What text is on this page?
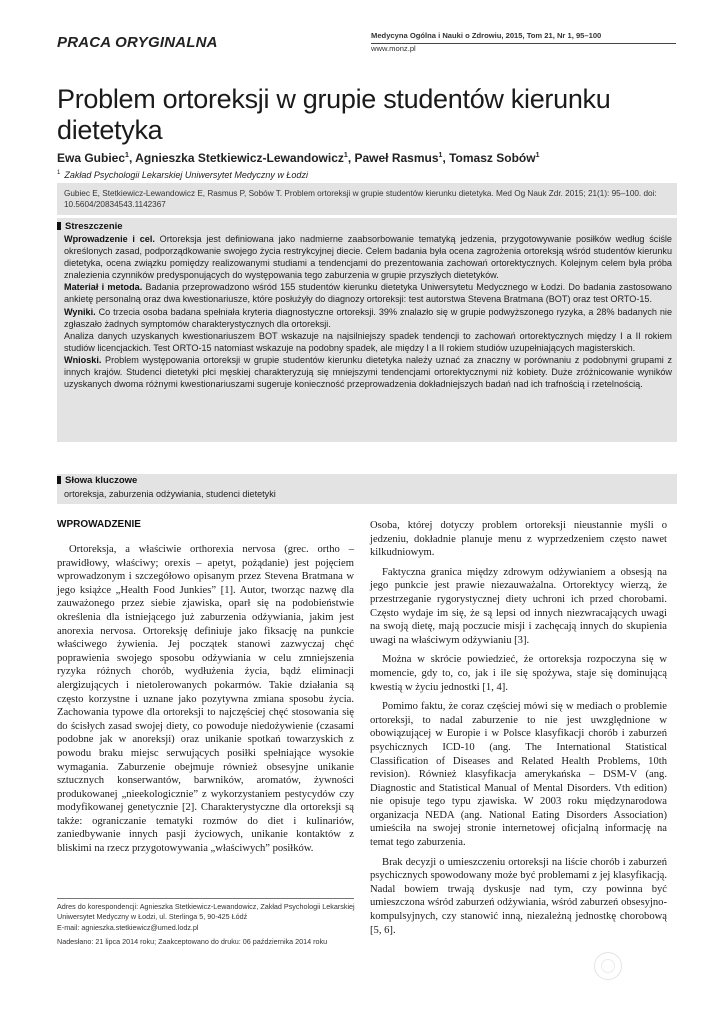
PRACA ORYGINALNA	Medycyna Ogólna i Nauki o Zdrowiu, 2015, Tom 21, Nr 1, 95–100
www.monz.pl
Problem ortoreksji w grupie studentów kierunku dietetyka
Ewa Gubiec$^1$, Agnieszka Stetkiewicz-Lewandowicz$^1$, Paweł Rasmus$^1$, Tomasz Sobów$^1$
$^1$ Zakład Psychologii Lekarskiej Uniwersytet Medyczny w Łodzi
Gubiec E, Stetkiewicz-Lewandowicz E, Rasmus P, Sobów T. Problem ortoreksji w grupie studentów kierunku dietetyka. Med Og Nauk Zdr. 2015; 21(1): 95–100. doi: 10.5604/20834543.1142367
Streszczenie

Wprowadzenie i cel. Ortoreksja jest definiowana jako nadmierne zaabsorbowanie tematyką jedzenia, przygotowywanie posiłków według ściśle określonych zasad, podporządkowanie swojego życia restrykcyjnej diecie. Celem badania była ocena zagrożenia ortoreksją wśród studentów kierunku dietetyka, ocena związku pomiędzy realizowanymi studiami a tendencjami do prezentowania zachowań ortorektycznych. Kolejnym celem była próba znalezienia czynników predysponujących do występowania tego zaburzenia w grupie przyszłych dietetyków.

Materiał i metoda. Badania przeprowadzono wśród 155 studentów kierunku dietetyka Uniwersytetu Medycznego w Łodzi. Do badania zastosowano ankietę personalną oraz dwa kwestionariusze, które posłużyły do diagnozy ortoreksji: test autorstwa Stevena Bratmana (BOT) oraz test ORTO-15.

Wyniki. Co trzecia osoba badana spełniała kryteria diagnostyczne ortoreksji. 39% znalazło się w grupie podwyższonego ryzyka, a 28% badanych nie zgłaszało żadnych symptomów charakterystycznych dla ortoreksji.

Analiza danych uzyskanych kwestionariuszem BOT wskazuje na najsilniejszy spadek tendencji to zachowań ortorektycznych między I a II rokiem studiów licencjackich. Test ORTO-15 natomiast wskazuje na podobny spadek, ale między I a II rokiem studiów uzupełniających magisterskich.

Wnioski. Problem występowania ortoreksji w grupie studentów kierunku dietetyka należy uznać za znaczny w porównaniu z podobnymi grupami z innych krajów. Studenci dietetyki płci męskiej charakteryzują się mniejszymi tendencjami ortorektycznymi niż kobiety. Duże zróżnicowanie wyników uzyskanych dwoma różnymi kwestionariuszami sugeruje konieczność przeprowadzenia dokładniejszych badań nad ich trafnością i rzetelnością.

Słowa kluczowe
ortoreksja, zaburzenia odżywiania, studenci dietetyki
WPROWADZENIE

Ortoreksja, a właściwie orthorexia nervosa (grec. ortho – prawidłowy, właściwy; orexis – apetyt, pożądanie) jest pojęciem wprowadzonym i szczegółowo opisanym przez Stevena Bratmana w jego książce „Health Food Junkies” [1]. Autor, tworząc nazwę dla zauważonego przez siebie zjawiska, oparł się na podobieństwie określenia dla istniejącego już zaburzenia odżywiania, jakim jest anorexia nervosa. Ortoreksję definiuje jako fiksację na punkcie właściwego żywienia. Jej początek stanowi zazwyczaj chęć poprawienia swojego sposobu odżywiania w celu zmniejszenia ryzyka różnych chorób, wydłużenia życia, bądź eliminacji alergizujących i nietolerowanych pokarmów. Takie działania są często korzystne i uznane jako pozytywna zmiana sposobu życia. Zachowania typowe dla ortoreksji to najczęściej chęć stosowania się do ścisłych zasad swojej diety, co powoduje niedożywienie (czasami podobne jak w anoreksji) oraz unikanie spotkań towarzyskich z powodu braku miejsc serwujących posiłki spełniające wysokie wymagania. Zaburzenie obejmuje również obsesyjne unikanie sztucznych konserwantów, barwników, aromatów, żywności produkowanej „nieekologicznie” z wykorzystaniem pestycydów czy modyfikowanej genetycznie [2]. Charakterystyczne dla ortoreksji są także: ograniczanie tematyki rozmów do diet i kulinariów, zaniedbywanie innych pasji życiowych, unikanie kontaktów z bliskimi na rzecz przygotowywania „właściwych” posiłków.

Osoba, której dotyczy problem ortoreksji nieustannie myśli o jedzeniu, dokładnie planuje menu z wyprzedzeniem często nawet kilkudniowym.

Faktyczna granica między zdrowym odżywianiem a obsesją na jego punkcie jest prawie niezauważalna. Ortorektycy wierzą, że przestrzeganie rygorystycznej diety uchroni ich przed chorobami. Często wydaje im się, że są lepsi od innych niezwracających uwagi na swoją dietę, mają poczucie misji i zachęcają innych do skupienia uwagi na właściwym odżywianiu [3].

Można w skrócie powiedzieć, że ortoreksja rozpoczyna się w momencie, gdy to, co, jak i ile się spożywa, staje się dominującą kwestią w życiu jednostki [1, 4].

Pomimo faktu, że coraz częściej mówi się w mediach o problemie ortoreksji, to nadal zaburzenie to nie jest uwzględnione w obowiązującej w Europie i w Polsce klasyfikacji chorób i zaburzeń psychicznych ICD-10 (ang. The International Statistical Classification of Diseases and Related Health Problems, 10th revision). Również klasyfikacja amerykańska – DSM-V (ang. Diagnostic and Statistical Manual of Mental Disorders. Vth edition) nie opisuje tego typu zjawiska. W 2003 roku międzynarodowa organizacja NEDA (ang. National Eating Disorders Association) umieściła na swojej stronie internetowej oficjalną informację na temat tego zaburzenia.

Brak decyzji o umieszczeniu ortoreksji na liście chorób i zaburzeń psychicznych spowodowany może być problemami z jej klasyfikacją. Nadal bowiem trwają dyskusje nad tym, czy powinna być umieszczona wśród zaburzeń odżywiania, wśród zaburzeń obsesyjno-kompulsyjnych, czy stanowić inną, niezależną jednostkę chorobową [5, 6].

Adres do korespondencji: Agnieszka Stetkiewicz-Lewandowicz, Zakład Psychologii Lekarskiej Uniwersytet Medyczny w Łodzi, ul. Sterlinga 5, 90-425 Łódź
E-mail: agnieszka.stetkiewicz@umed.lodz.pl
Nadesłano: 21 lipca 2014 roku; Zaakceptowano do druku: 06 października 2014 roku
